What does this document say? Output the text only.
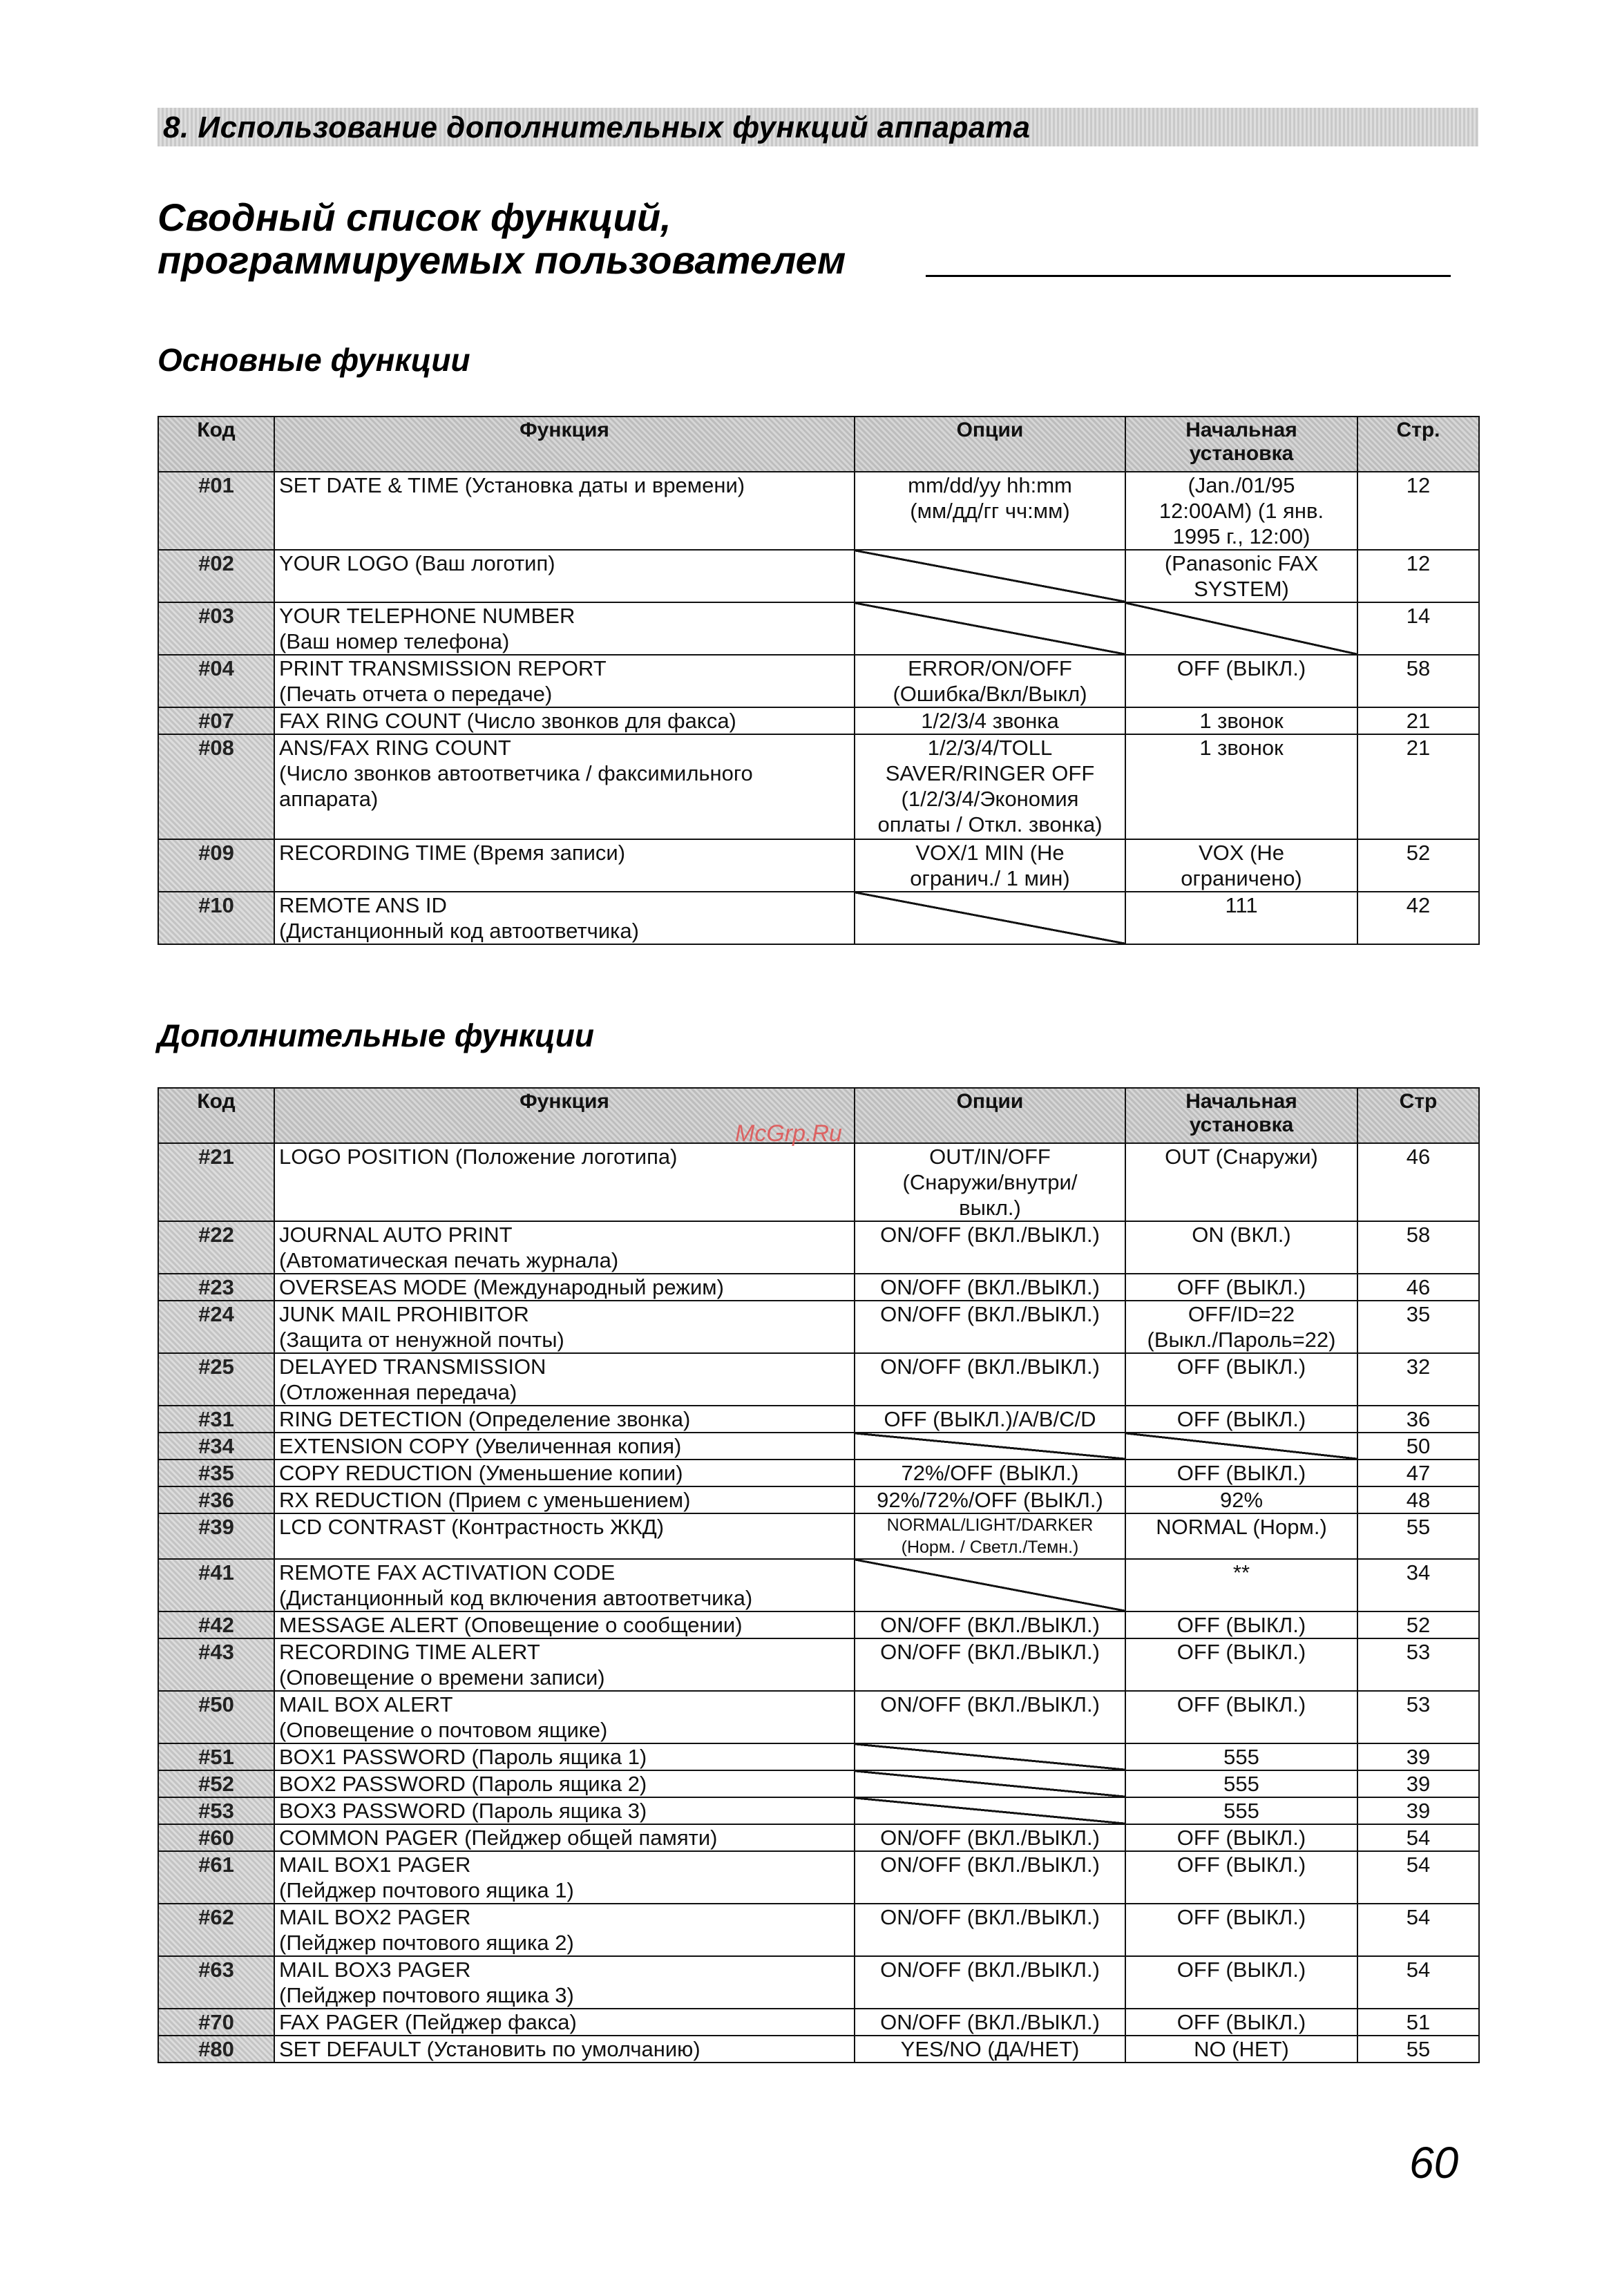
8. Использование дополнительных функций аппарата
Сводный список функций,
программируемых пользователем
Основные функции
Код	Функция	Опции	Начальная
установка	Стр.
#01	SET DATE & TIME (Установка даты и времени)	mm/dd/yy hh:mm
(мм/дд/гг чч:мм)	(Jan./01/95
12:00AM) (1 янв.
1995 г., 12:00)	12
#02	YOUR LOGO (Ваш логотип)		(Panasonic FAX
SYSTEM)	12
#03	YOUR TELEPHONE NUMBER
(Ваш номер телефона)			14
#04	PRINT TRANSMISSION REPORT
(Печать отчета о передаче)	ERROR/ON/OFF
(Ошибка/Вкл/Выкл)	OFF (ВЫКЛ.)	58
#07	FAX RING COUNT (Число звонков для факса)	1/2/3/4 звонка	1 звонок	21
#08	ANS/FAX RING COUNT
(Число звонков автоответчика / факсимильного
аппарата)	1/2/3/4/TOLL
SAVER/RINGER OFF
(1/2/3/4/Экономия
оплаты / Откл. звонка)	1 звонок	21
#09	RECORDING TIME (Время записи)	VOX/1 MIN (Не
огранич./ 1 мин)	VOX (Не
ограничено)	52
#10	REMOTE ANS ID
(Дистанционный код автоответчика)		111	42
Дополнительные функции
Код	Функция	Опции	Начальная
установка	Стр
#21	LOGO POSITION (Положение логотипа)	OUT/IN/OFF
(Снаружи/внутри/
выкл.)	OUT (Снаружи)	46
#22	JOURNAL AUTO PRINT
(Автоматическая печать журнала)	ON/OFF (ВКЛ./ВЫКЛ.)	ON (ВКЛ.)	58
#23	OVERSEAS MODE (Международный режим)	ON/OFF (ВКЛ./ВЫКЛ.)	OFF (ВЫКЛ.)	46
#24	JUNK MAIL PROHIBITOR
(Защита от ненужной почты)	ON/OFF (ВКЛ./ВЫКЛ.)	OFF/ID=22
(Выкл./Пароль=22)	35
#25	DELAYED TRANSMISSION
(Отложенная передача)	ON/OFF (ВКЛ./ВЫКЛ.)	OFF (ВЫКЛ.)	32
#31	RING DETECTION (Определение звонка)	OFF (ВЫКЛ.)/A/B/C/D	OFF (ВЫКЛ.)	36
#34	EXTENSION COPY (Увеличенная копия)			50
#35	COPY REDUCTION (Уменьшение копии)	72%/OFF (ВЫКЛ.)	OFF (ВЫКЛ.)	47
#36	RX REDUCTION (Прием с уменьшением)	92%/72%/OFF (ВЫКЛ.)	92%	48
#39	LCD CONTRAST (Контрастность ЖКД)	NORMAL/LIGHT/DARKER
(Норм. / Светл./Темн.)	NORMAL (Норм.)	55
#41	REMOTE FAX ACTIVATION CODE
(Дистанционный код включения автоответчика)		**	34
#42	MESSAGE ALERT (Оповещение о сообщении)	ON/OFF (ВКЛ./ВЫКЛ.)	OFF (ВЫКЛ.)	52
#43	RECORDING TIME ALERT
(Оповещение о времени записи)	ON/OFF (ВКЛ./ВЫКЛ.)	OFF (ВЫКЛ.)	53
#50	MAIL BOX ALERT
(Оповещение о почтовом ящике)	ON/OFF (ВКЛ./ВЫКЛ.)	OFF (ВЫКЛ.)	53
#51	BOX1 PASSWORD (Пароль ящика 1)		555	39
#52	BOX2 PASSWORD (Пароль ящика 2)		555	39
#53	BOX3 PASSWORD (Пароль ящика 3)		555	39
#60	COMMON PAGER (Пейджер общей памяти)	ON/OFF (ВКЛ./ВЫКЛ.)	OFF (ВЫКЛ.)	54
#61	MAIL BOX1 PAGER
(Пейджер почтового ящика 1)	ON/OFF (ВКЛ./ВЫКЛ.)	OFF (ВЫКЛ.)	54
#62	MAIL BOX2 PAGER
(Пейджер почтового ящика 2)	ON/OFF (ВКЛ./ВЫКЛ.)	OFF (ВЫКЛ.)	54
#63	MAIL BOX3 PAGER
(Пейджер почтового ящика 3)	ON/OFF (ВКЛ./ВЫКЛ.)	OFF (ВЫКЛ.)	54
#70	FAX PAGER (Пейджер факса)	ON/OFF (ВКЛ./ВЫКЛ.)	OFF (ВЫКЛ.)	51
#80	SET DEFAULT (Установить по умолчанию)	YES/NO (ДА/НЕТ)	NO (НЕТ)	55
McGrp.Ru
60
